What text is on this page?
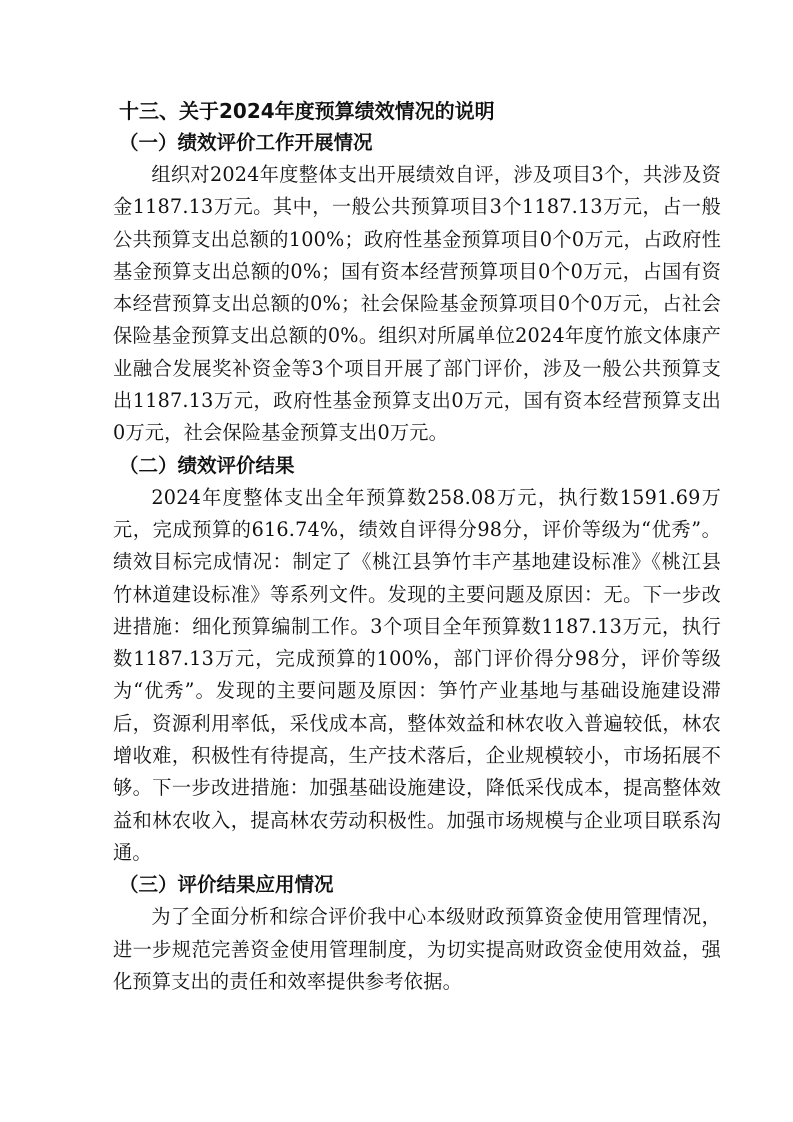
十三、关于2024年度预算绩效情况的说明
（一）绩效评价工作开展情况

组织对2024年度整体支出开展绩效自评，涉及项目3个，共涉及资金1187.13万元。其中，一般公共预算项目3个1187.13万元，占一般公共预算支出总额的100%；政府性基金预算项目0个0万元，占政府性基金预算支出总额的0%；国有资本经营预算项目0个0万元，占国有资本经营预算支出总额的0%；社会保险基金预算项目0个0万元，占社会保险基金预算支出总额的0%。组织对所属单位2024年度竹旅文体康产业融合发展奖补资金等3个项目开展了部门评价，涉及一般公共预算支出1187.13万元，政府性基金预算支出0万元，国有资本经营预算支出0万元，社会保险基金预算支出0万元。

（二）绩效评价结果

2024年度整体支出全年预算数258.08万元，执行数1591.69万元，完成预算的616.74%，绩效自评得分98分，评价等级为“优秀”。绩效目标完成情况：制定了《桃江县笋竹丰产基地建设标准》《桃江县竹林道建设标准》等系列文件。发现的主要问题及原因：无。下一步改进措施：细化预算编制工作。3个项目全年预算数1187.13万元，执行数1187.13万元，完成预算的100%，部门评价得分98分，评价等级为“优秀”。发现的主要问题及原因：笋竹产业基地与基础设施建设滞后，资源利用率低，采伐成本高，整体效益和林农收入普遍较低，林农增收难，积极性有待提高，生产技术落后，企业规模较小，市场拓展不够。下一步改进措施：加强基础设施建设，降低采伐成本，提高整体效益和林农收入，提高林农劳动积极性。加强市场规模与企业项目联系沟通。

（三）评价结果应用情况

为了全面分析和综合评价我中心本级财政预算资金使用管理情况，进一步规范完善资金使用管理制度，为切实提高财政资金使用效益，强化预算支出的责任和效率提供参考依据。
